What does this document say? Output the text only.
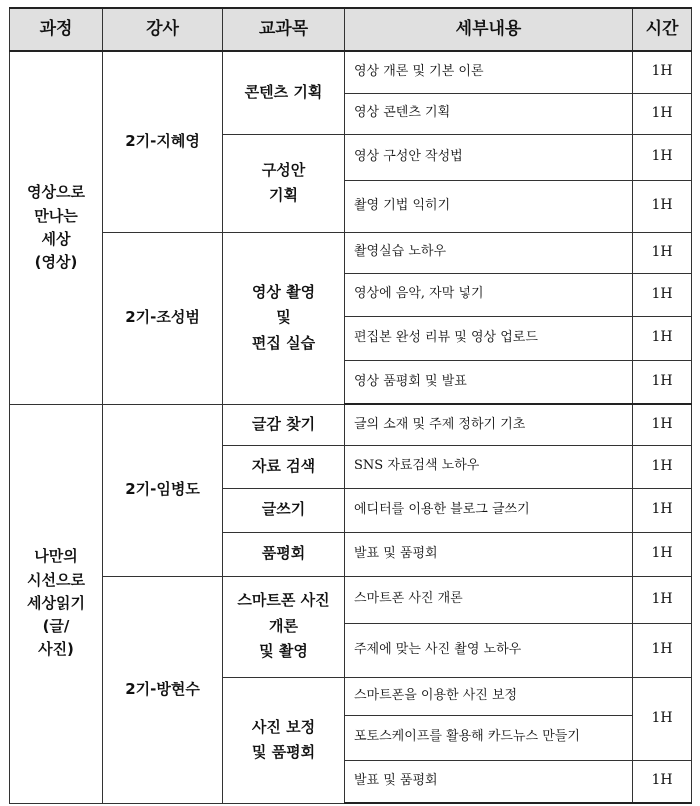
과정	강사	교과목	세부내용	시간
영상으로
만나는
세상
(영상)	2기-지혜영	콘텐츠 기획	영상 개론 및 기본 이론	1H
			영상 콘텐츠 기획	1H
		구성안
기획	영상 구성안 작성법	1H
			촬영 기법 익히기	1H
	2기-조성범	영상 촬영
및
편집 실습	촬영실습 노하우	1H
			영상에 음악, 자막 넣기	1H
			편집본 완성 리뷰 및 영상 업로드	1H
			영상 품평회 및 발표	1H
나만의
시선으로
세상읽기
(글/
사진)	2기-임병도	글감 찾기	글의 소재 및 주제 정하기 기초	1H
		자료 검색	SNS 자료검색 노하우	1H
		글쓰기	에디터를 이용한 블로그 글쓰기	1H
		품평회	발표 및 품평회	1H
	2기-방현수	스마트폰 사진
개론
및 촬영	스마트폰 사진 개론	1H
			주제에 맞는 사진 촬영 노하우	1H
		사진 보정
및 품평회	스마트폰을 이용한 사진 보정	1H
			포토스케이프를 활용해 카드뉴스 만들기	
			발표 및 품평회	1H
